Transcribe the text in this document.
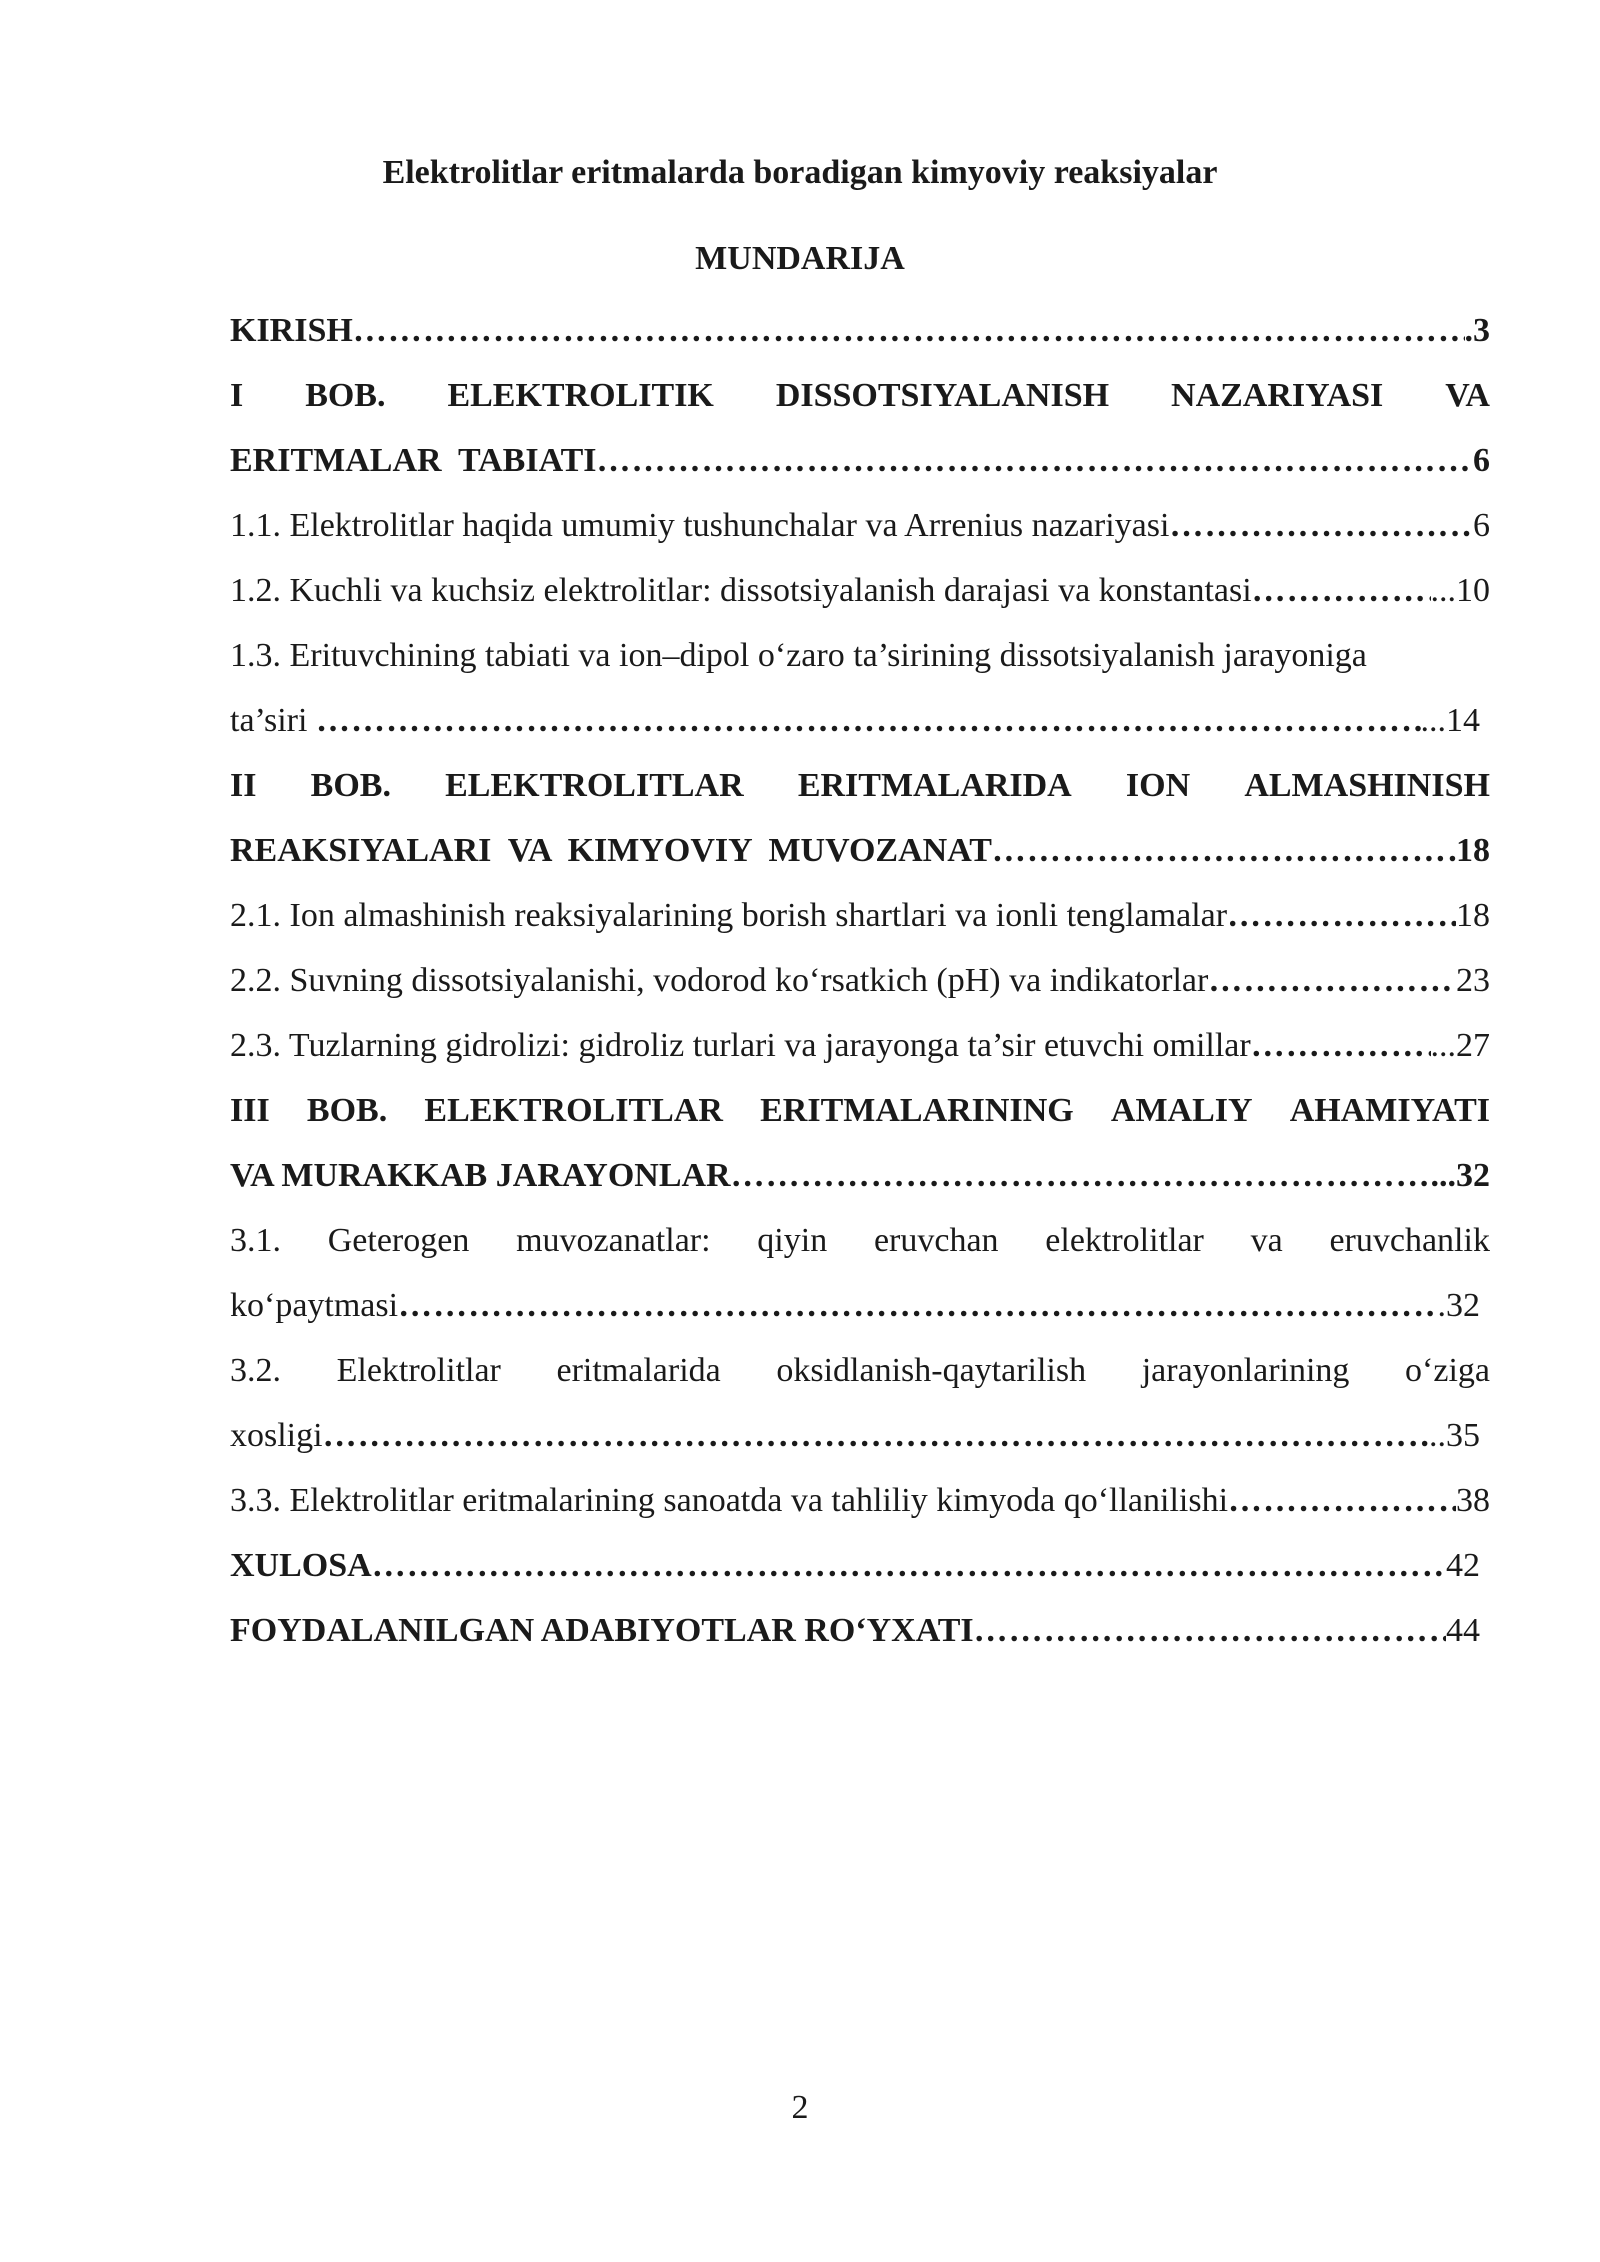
Elektrolitlar eritmalarda boradigan kimyoviy reaksiyalar
MUNDARIJA
KIRISH ……………………………………………………………………………………………………………………………………………………………………………	.3
I BOB. ELEKTROLITIK DISSOTSIYALANISH NAZARIYASI VA
ERITMALAR  TABIATI ……………………………………………………………………………………………………………………………………………………………………………	6
1.1. Elektrolitlar haqida umumiy tushunchalar va Arrenius nazariyasi ……………………………………………………………………………………………………………………………………………………………………………	6
1.2. Kuchli va kuchsiz elektrolitlar: dissotsiyalanish darajasi va konstantasi ……………………………………………………………………………………………………………………………………………………………………………	...10
1.3. Erituvchining tabiati va ion–dipol o‘zaro ta’sirining dissotsiyalanish jarayoniga
ta’siri ……………………………………………………………………………………………………………………………………………………………………………	...14
II BOB. ELEKTROLITLAR ERITMALARIDA ION ALMASHINISH
REAKSIYALARI  VA  KIMYOVIY  MUVOZANAT ……………………………………………………………………………………………………………………………………………………………………………	18
2.1. Ion almashinish reaksiyalarining borish shartlari va ionli tenglamalar ……………………………………………………………………………………………………………………………………………………………………………	18
2.2. Suvning dissotsiyalanishi, vodorod ko‘rsatkich (pH) va indikatorlar ……………………………………………………………………………………………………………………………………………………………………………	23
2.3. Tuzlarning gidrolizi: gidroliz turlari va jarayonga ta’sir etuvchi omillar ……………………………………………………………………………………………………………………………………………………………………………	...27
III BOB. ELEKTROLITLAR ERITMALARINING AMALIY AHAMIYATI
VA MURAKKAB JARAYONLAR ……………………………………………………………………………………………………………………………………………………………………………	...32
3.1. Geterogen muvozanatlar: qiyin eruvchan elektrolitlar va eruvchanlik
ko‘paytmasi ……………………………………………………………………………………………………………………………………………………………………………	.32
3.2. Elektrolitlar eritmalarida oksidlanish-qaytarilish jarayonlarining o‘ziga
xosligi ……………………………………………………………………………………………………………………………………………………………………………	..35
3.3. Elektrolitlar eritmalarining sanoatda va tahliliy kimyoda qo‘llanilishi ……………………………………………………………………………………………………………………………………………………………………………	38
XULOSA ……………………………………………………………………………………………………………………………………………………………………………	42
FOYDALANILGAN ADABIYOTLAR RO‘YXATI ……………………………………………………………………………………………………………………………………………………………………………	44
2
